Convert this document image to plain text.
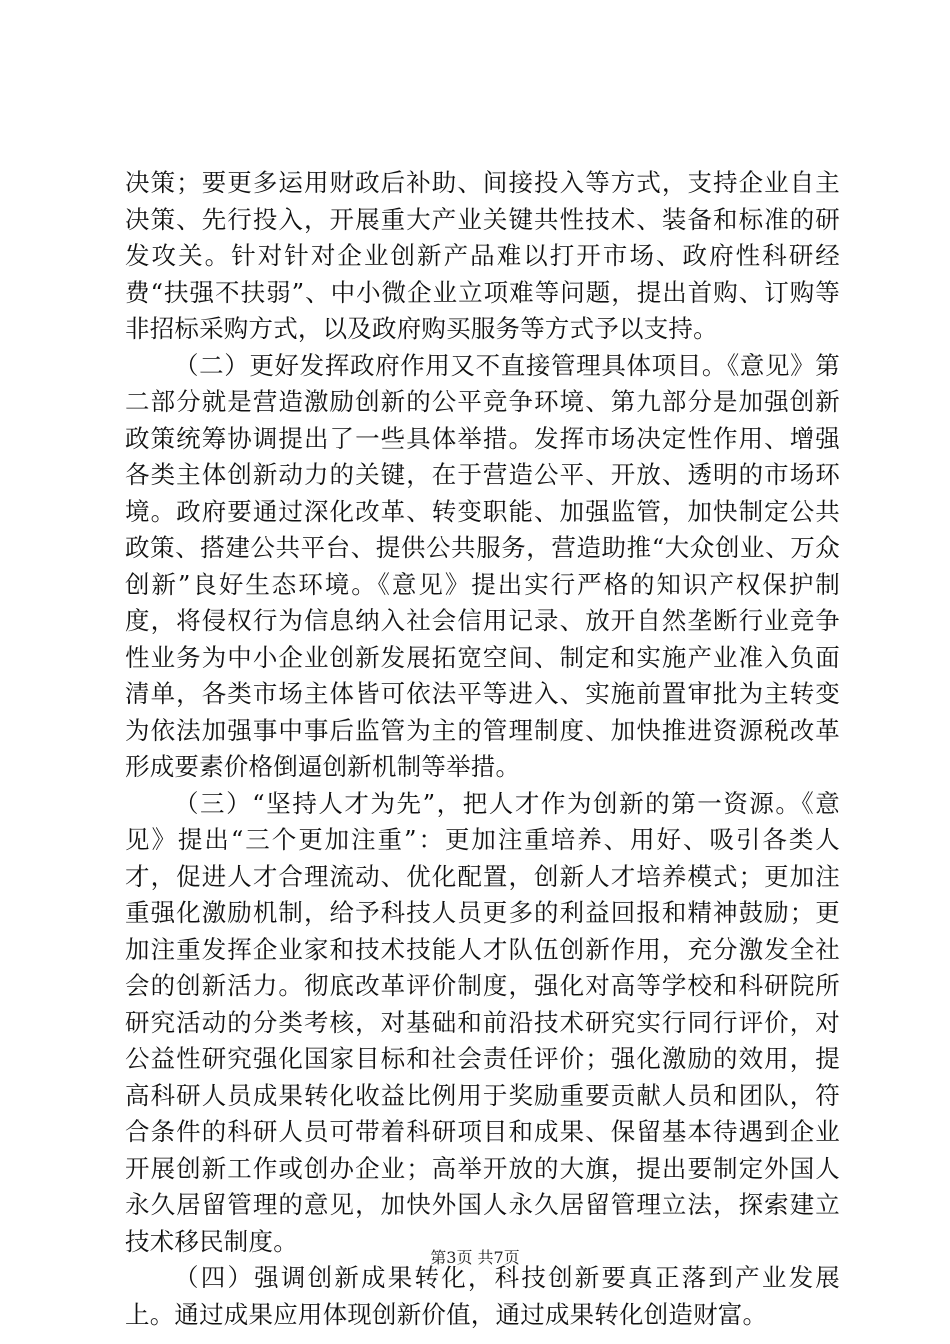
决策；要更多运用财政后补助、间接投入等方式，支持企业自主决策、先行投入，开展重大产业关键共性技术、装备和标准的研发攻关。针对针对企业创新产品难以打开市场、政府性科研经费“扶强不扶弱”、中小微企业立项难等问题，提出首购、订购等非招标采购方式，以及政府购买服务等方式予以支持。

（二）更好发挥政府作用又不直接管理具体项目。《意见》第二部分就是营造激励创新的公平竞争环境、第九部分是加强创新政策统筹协调提出了一些具体举措。发挥市场决定性作用、增强各类主体创新动力的关键，在于营造公平、开放、透明的市场环境。政府要通过深化改革、转变职能、加强监管，加快制定公共政策、搭建公共平台、提供公共服务，营造助推“大众创业、万众创新”良好生态环境。《意见》提出实行严格的知识产权保护制度，将侵权行为信息纳入社会信用记录、放开自然垄断行业竞争性业务为中小企业创新发展拓宽空间、制定和实施产业准入负面清单，各类市场主体皆可依法平等进入、实施前置审批为主转变为依法加强事中事后监管为主的管理制度、加快推进资源税改革形成要素价格倒逼创新机制等举措。

（三）“坚持人才为先”，把人才作为创新的第一资源。《意见》提出“三个更加注重”：更加注重培养、用好、吸引各类人才，促进人才合理流动、优化配置，创新人才培养模式；更加注重强化激励机制，给予科技人员更多的利益回报和精神鼓励；更加注重发挥企业家和技术技能人才队伍创新作用，充分激发全社会的创新活力。彻底改革评价制度，强化对高等学校和科研院所研究活动的分类考核，对基础和前沿技术研究实行同行评价，对公益性研究强化国家目标和社会责任评价；强化激励的效用，提高科研人员成果转化收益比例用于奖励重要贡献人员和团队，符合条件的科研人员可带着科研项目和成果、保留基本待遇到企业开展创新工作或创办企业；高举开放的大旗，提出要制定外国人永久居留管理的意见，加快外国人永久居留管理立法，探索建立技术移民制度。

（四）强调创新成果转化，科技创新要真正落到产业发展上。通过成果应用体现创新价值，通过成果转化创造财富。

第3页 共7页
